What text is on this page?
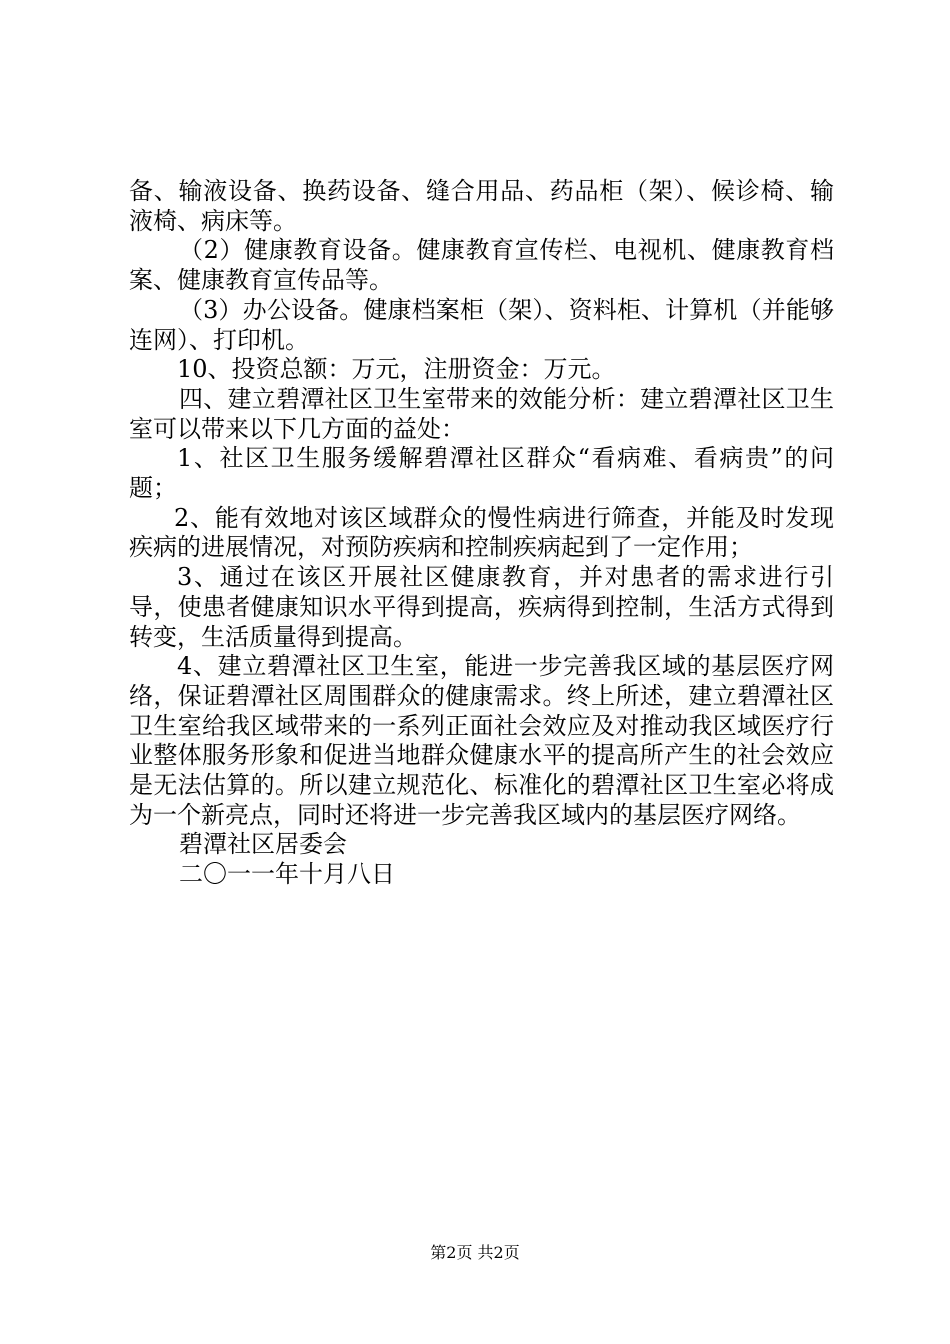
备、输液设备、换药设备、缝合用品、药品柜（架）、候诊椅、输液椅、病床等。

（2）健康教育设备。健康教育宣传栏、电视机、健康教育档案、健康教育宣传品等。

（3）办公设备。健康档案柜（架）、资料柜、计算机（并能够连网）、打印机。

10、投资总额：万元，注册资金：万元。

四、建立碧潭社区卫生室带来的效能分析：建立碧潭社区卫生室可以带来以下几方面的益处：

1、社区卫生服务缓解碧潭社区群众“看病难、看病贵”的问题；

2、能有效地对该区域群众的慢性病进行筛查，并能及时发现疾病的进展情况，对预防疾病和控制疾病起到了一定作用；

3、通过在该区开展社区健康教育，并对患者的需求进行引导，使患者健康知识水平得到提高，疾病得到控制，生活方式得到转变，生活质量得到提高。

4、建立碧潭社区卫生室，能进一步完善我区域的基层医疗网络，保证碧潭社区周围群众的健康需求。终上所述，建立碧潭社区卫生室给我区域带来的一系列正面社会效应及对推动我区域医疗行业整体服务形象和促进当地群众健康水平的提高所产生的社会效应是无法估算的。所以建立规范化、标准化的碧潭社区卫生室必将成为一个新亮点，同时还将进一步完善我区域内的基层医疗网络。

碧潭社区居委会

二〇一一年十月八日

第2页 共2页
